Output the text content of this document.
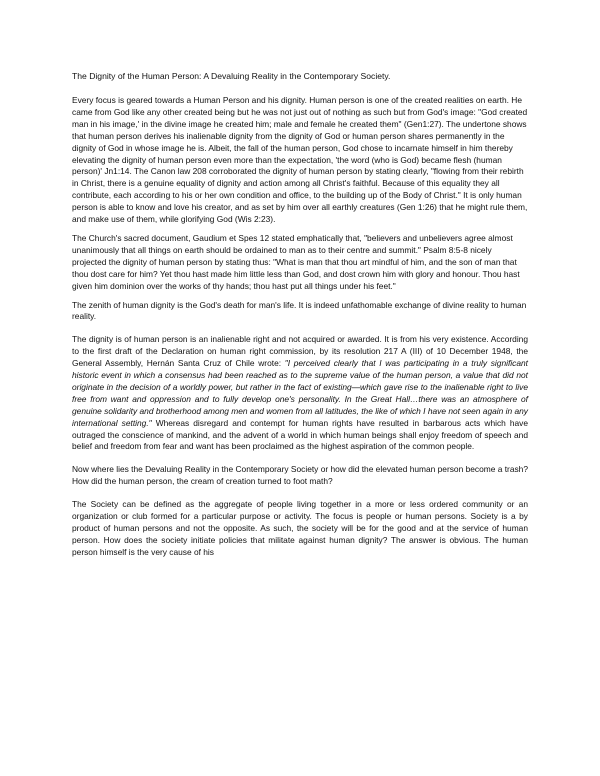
The Dignity of the Human Person: A Devaluing Reality in the Contemporary Society.

Every focus is geared towards a Human Person and his dignity. Human person is one of the created realities on earth. He came from God like any other created being but he was not just out of nothing as such but from God's image: "God created man in his image,' in the divine image he created him; male and female he created them" (Gen1:27). The undertone shows that human person derives his inalienable dignity from the dignity of God or human person shares permanently in the dignity of God in whose image he is. Albeit, the fall of the human person, God chose to incarnate himself in him thereby elevating the dignity of human person even more than the expectation, 'the word (who is God) became flesh (human person)' Jn1:14. The Canon law 208 corroborated the dignity of human person by stating clearly, "flowing from their rebirth in Christ, there is a genuine equality of dignity and action among all Christ's faithful. Because of this equality they all contribute, each according to his or her own condition and office, to the building up of the Body of Christ." It is only human person is able to know and love his creator, and as set by him over all earthly creatures (Gen 1:26) that he might rule them, and make use of them, while glorifying God (Wis 2:23).

The Church's sacred document, Gaudium et Spes 12 stated emphatically that, "believers and unbelievers agree almost unanimously that all things on earth should be ordained to man as to their centre and summit." Psalm 8:5-8 nicely projected the dignity of human person by stating thus: "What is man that thou art mindful of him, and the son of man that thou dost care for him? Yet thou hast made him little less than God, and dost crown him with glory and honour. Thou hast given him dominion over the works of thy hands; thou hast put all things under his feet."

The zenith of human dignity is the God's death for man's life. It is indeed unfathomable exchange of divine reality to human reality.

The dignity is of human person is an inalienable right and not acquired or awarded. It is from his very existence. According to the first draft of the Declaration on human right commission, by its resolution 217 A (III) of 10 December 1948, the General Assembly, Hernán Santa Cruz of Chile wrote: "I perceived clearly that I was participating in a truly significant historic event in which a consensus had been reached as to the supreme value of the human person, a value that did not originate in the decision of a worldly power, but rather in the fact of existing—which gave rise to the inalienable right to live free from want and oppression and to fully develop one's personality. In the Great Hall…there was an atmosphere of genuine solidarity and brotherhood among men and women from all latitudes, the like of which I have not seen again in any international setting." Whereas disregard and contempt for human rights have resulted in barbarous acts which have outraged the conscience of mankind, and the advent of a world in which human beings shall enjoy freedom of speech and belief and freedom from fear and want has been proclaimed as the highest aspiration of the common people.

Now where lies the Devaluing Reality in the Contemporary Society or how did the elevated human person become a trash? How did the human person, the cream of creation turned to foot math?

The Society can be defined as the aggregate of people living together in a more or less ordered community or an organization or club formed for a particular purpose or activity. The focus is people or human persons. Society is a by product of human persons and not the opposite. As such, the society will be for the good and at the service of human person. How does the society initiate policies that militate against human dignity? The answer is obvious. The human person himself is the very cause of his
